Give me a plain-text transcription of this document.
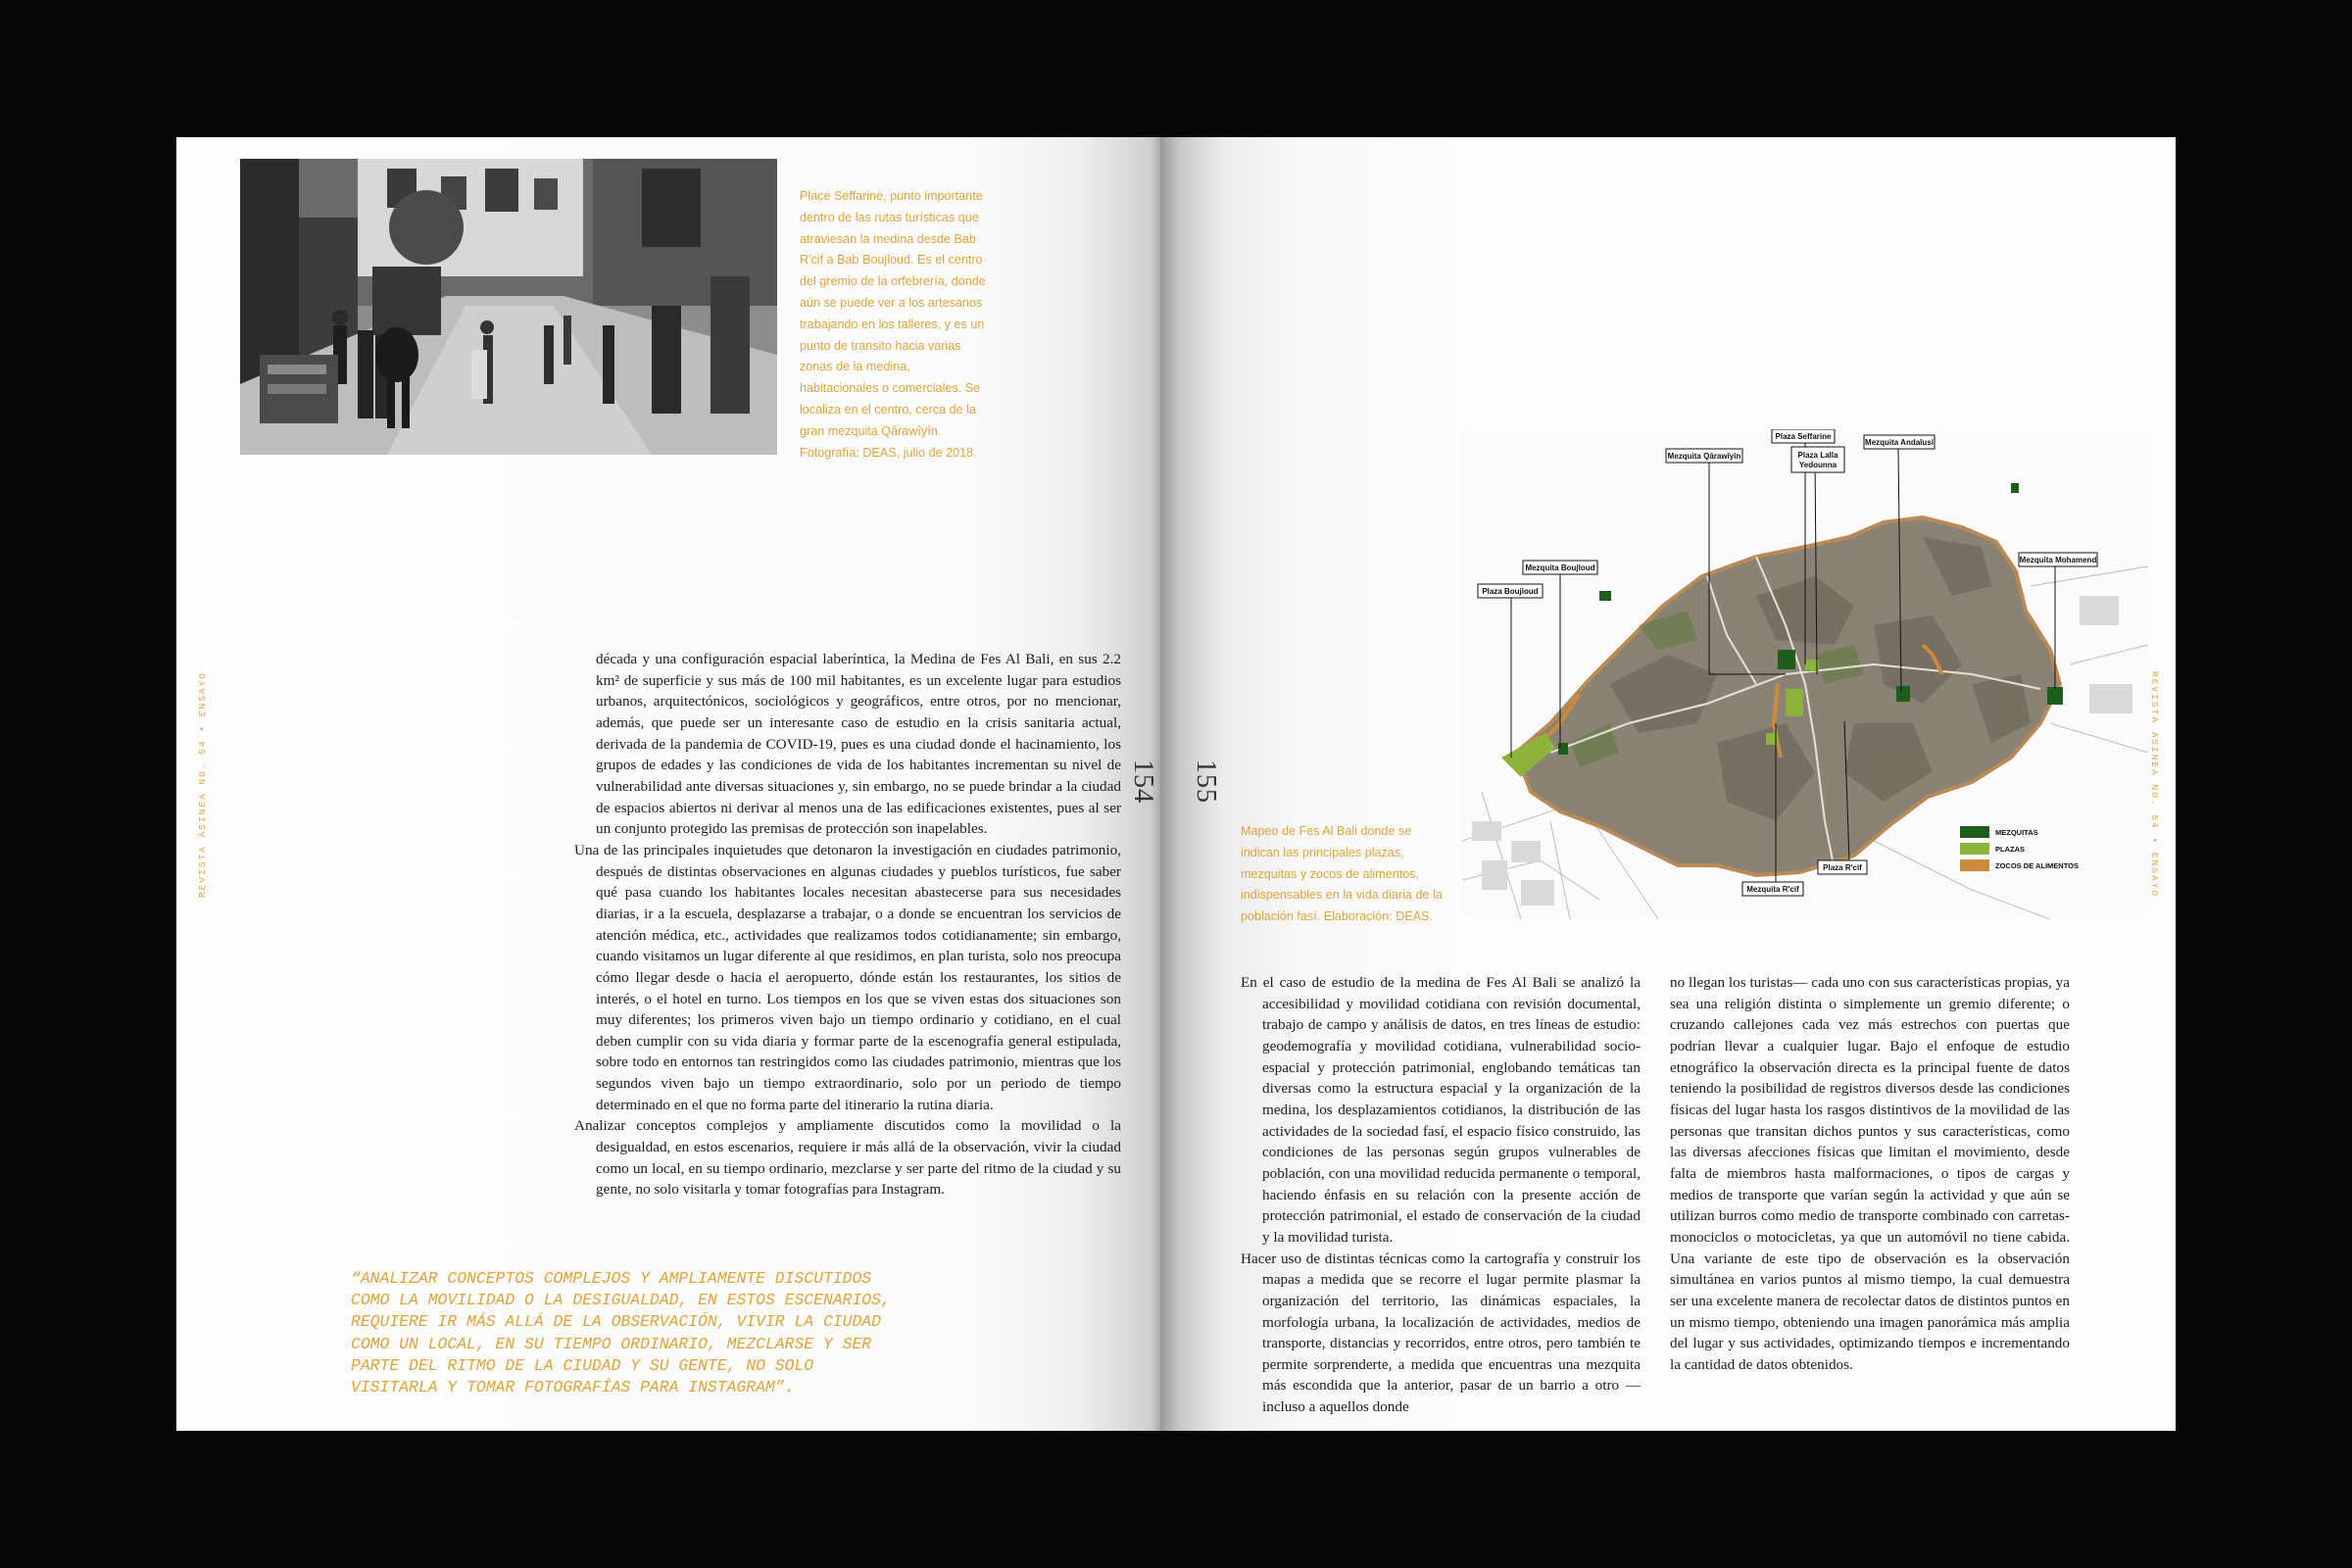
Place Seffarine, punto importante dentro de las rutas turísticas que atraviesan la medina desde Bab R'cif a Bab Boujloud. Es el centro del gremio de la orfebrería, donde aún se puede ver a los artesanos trabajando en los talleres, y es un punto de transito hacia varias zonas de la medina, habitacionales o comerciales. Se localiza en el centro, cerca de la gran mezquita Qârawîyîn. Fotografía: DEAS, julio de 2018.
REVISTA ASINEA NO. 54 • ENSAYO	154

década y una configuración espacial laberíntica, la Medina de Fes Al Bali, en sus 2.2 km² de superficie y sus más de 100 mil habitantes, es un excelente lugar para estudios urbanos, arquitectónicos, sociológicos y geográficos, entre otros, por no mencionar, además, que puede ser un interesante caso de estudio en la crisis sanitaria actual, derivada de la pandemia de COVID-19, pues es una ciudad donde el hacinamiento, los grupos de edades y las condiciones de vida de los habitantes incrementan su nivel de vulnerabilidad ante diversas situaciones y, sin embargo, no se puede brindar a la ciudad de espacios abiertos ni derivar al menos una de las edificaciones existentes, pues al ser un conjunto protegido las premisas de protección son inapelables.

Una de las principales inquietudes que detonaron la investigación en ciudades patrimonio, después de distintas observaciones en algunas ciudades y pueblos turísticos, fue saber qué pasa cuando los habitantes locales necesitan abastecerse para sus necesidades diarias, ir a la escuela, desplazarse a trabajar, o a donde se encuentran los servicios de atención médica, etc., actividades que realizamos todos cotidianamente; sin embargo, cuando visitamos un lugar diferente al que residimos, en plan turista, solo nos preocupa cómo llegar desde o hacia el aeropuerto, dónde están los restaurantes, los sitios de interés, o el hotel en turno. Los tiempos en los que se viven estas dos situaciones son muy diferentes; los primeros viven bajo un tiempo ordinario y cotidiano, en el cual deben cumplir con su vida diaria y formar parte de la escenografía general estipulada, sobre todo en entornos tan restringidos como las ciudades patrimonio, mientras que los segundos viven bajo un tiempo extraordinario, solo por un periodo de tiempo determinado en el que no forma parte del itinerario la rutina diaria.

Analizar conceptos complejos y ampliamente discutidos como la movilidad o la desigualdad, en estos escenarios, requiere ir más allá de la observación, vivir la ciudad como un local, en su tiempo ordinario, mezclarse y ser parte del ritmo de la ciudad y su gente, no solo visitarla y tomar fotografías para Instagram.

“ANALIZAR CONCEPTOS COMPLEJOS Y AMPLIAMENTE DISCUTIDOS COMO LA MOVILIDAD O LA DESIGUALDAD, EN ESTOS ESCENARIOS, REQUIERE IR MÁS ALLÁ DE LA OBSERVACIÓN, VIVIR LA CIUDAD COMO UN LOCAL, EN SU TIEMPO ORDINARIO, MEZCLARSE Y SER PARTE DEL RITMO DE LA CIUDAD Y SU GENTE, NO SOLO VISITARLA Y TOMAR FOTOGRAFÍAS PARA INSTAGRAM”.
155	REVISTA ASINEA NO. 54 • ENSAYO
Plaza Seffarine
Plaza Lalla
Yedounna
Mezquita Andalusí
Mezquita Qârawîyîn
Mezquita Boujloud
Plaza Boujloud
Mezquita Mohamend
Mezquita R'cif
Plaza R'cif
MEZQUITAS
PLAZAS
ZOCOS DE ALIMENTOS
Mapeo de Fes Al Bali donde se indican las principales plazas, mezquitas y zocos de alimentos, indispensables en la vida diaria de la población fasí. Elaboración: DEAS.

En el caso de estudio de la medina de Fes Al Bali se analizó la accesibilidad y movilidad cotidiana con revisión documental, trabajo de campo y análisis de datos, en tres líneas de estudio: geodemografía y movilidad cotidiana, vulnerabilidad socio-espacial y protección patrimonial, englobando temáticas tan diversas como la estructura espacial y la organización de la medina, los desplazamientos cotidianos, la distribución de las actividades de la sociedad fasí, el espacio físico construido, las condiciones de las personas según grupos vulnerables de población, con una movilidad reducida permanente o temporal, haciendo énfasis en su relación con la presente acción de protección patrimonial, el estado de conservación de la ciudad y la movilidad turista.

Hacer uso de distintas técnicas como la cartografía y construir los mapas a medida que se recorre el lugar permite plasmar la organización del territorio, las dinámicas espaciales, la morfología urbana, la localización de actividades, medios de transporte, distancias y recorridos, entre otros, pero también te permite sorprenderte, a medida que encuentras una mezquita más escondida que la anterior, pasar de un barrio a otro —incluso a aquellos donde

no llegan los turistas— cada uno con sus características propias, ya sea una religión distinta o simplemente un gremio diferente; o cruzando callejones cada vez más estrechos con puertas que podrían llevar a cualquier lugar. Bajo el enfoque de estudio etnográfico la observación directa es la principal fuente de datos teniendo la posibilidad de registros diversos desde las condiciones físicas del lugar hasta los rasgos distintivos de la movilidad de las personas que transitan dichos puntos y sus características, como las diversas afecciones físicas que limitan el movimiento, desde falta de miembros hasta malformaciones, o tipos de cargas y medios de transporte que varían según la actividad y que aún se utilizan burros como medio de transporte combinado con carretas-monociclos o motocicletas, ya que un automóvil no tiene cabida. Una variante de este tipo de observación es la observación simultánea en varios puntos al mismo tiempo, la cual demuestra ser una excelente manera de recolectar datos de distintos puntos en un mismo tiempo, obteniendo una imagen panorámica más amplia del lugar y sus actividades, optimizando tiempos e incrementando la cantidad de datos obtenidos.
